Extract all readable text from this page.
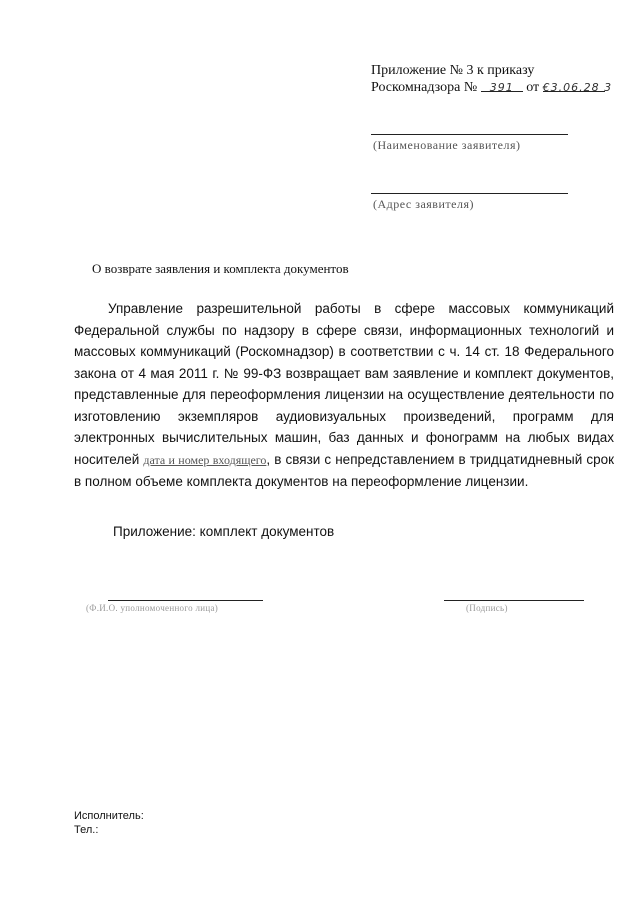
Приложение № 3 к приказу
Роскомнадзора № 391 от €3.06.28 3
(Наименование заявителя)
(Адрес заявителя)
О возврате заявления и комплекта документов

Управление разрешительной работы в сфере массовых коммуникаций Федеральной службы по надзору в сфере связи, информационных технологий и массовых коммуникаций (Роскомнадзор) в соответствии с ч. 14 ст. 18 Федерального закона от 4 мая 2011 г. № 99-ФЗ возвращает вам заявление и комплект документов, представленные для переоформления лицензии на осуществление деятельности по изготовлению экземпляров аудиовизуальных произведений, программ для электронных вычислительных машин, баз данных и фонограмм на любых видах носителей дата и номер входящего, в связи с непредставлением в тридцатидневный срок в полном объеме комплекта документов на переоформление лицензии.

Приложение: комплект документов
(Ф.И.О. уполномоченного лица)	(Подпись)
Исполнитель:
Тел.:
